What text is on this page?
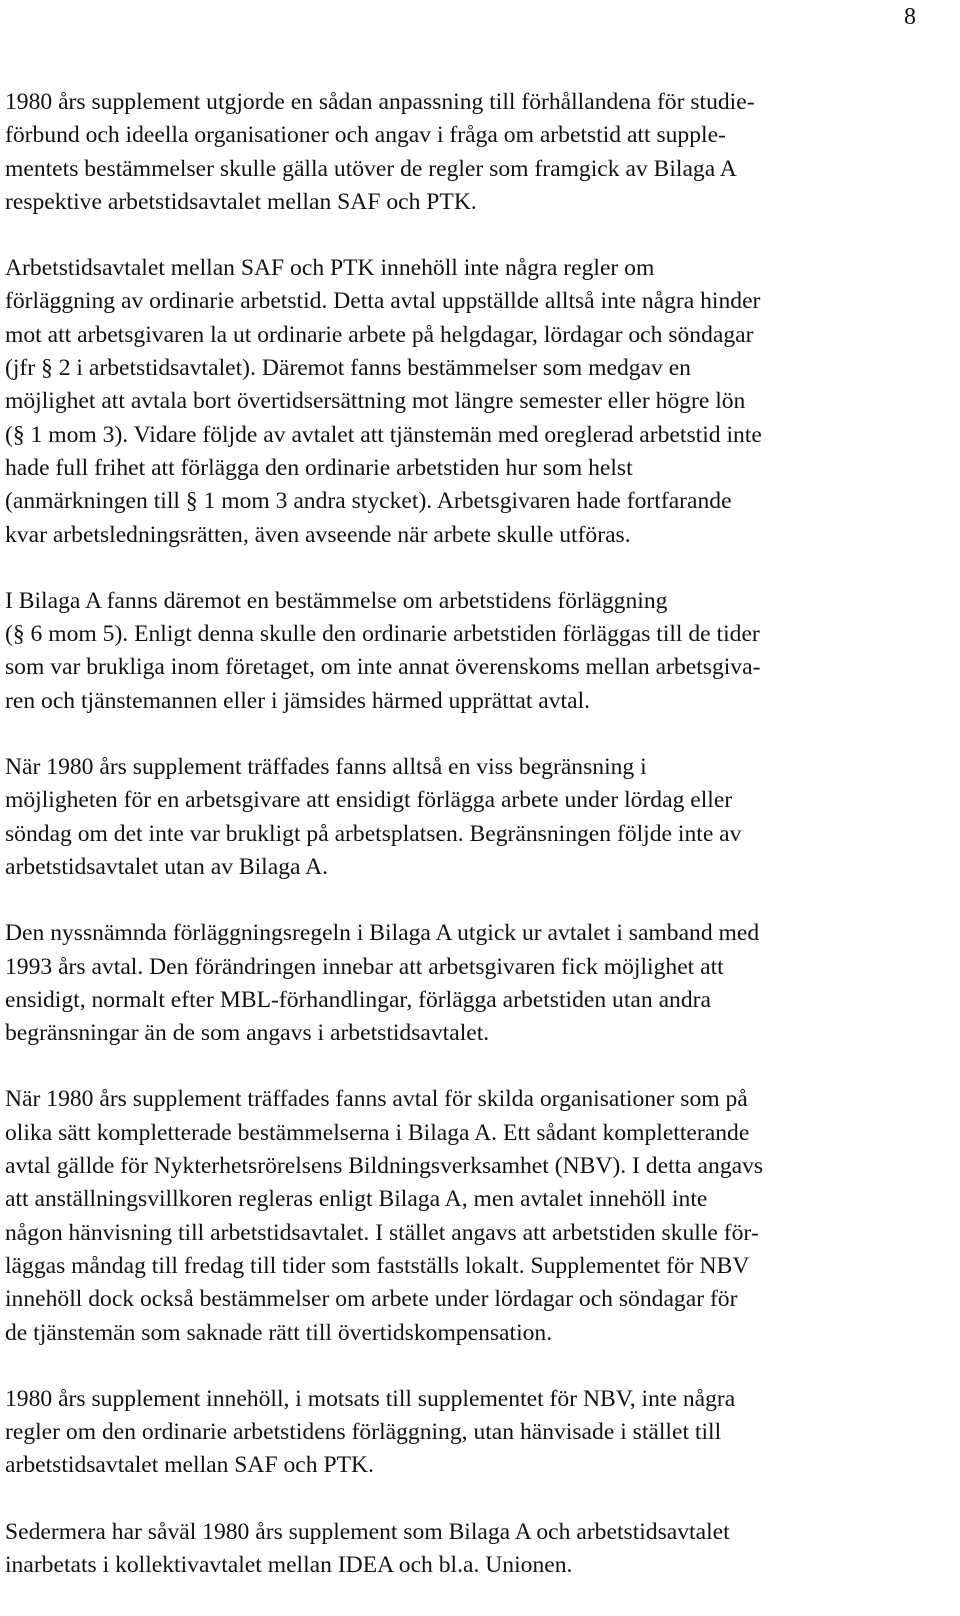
8

1980 års supplement utgjorde en sådan anpassning till förhållandena för studie-
förbund och ideella organisationer och angav i fråga om arbetstid att supple-
mentets bestämmelser skulle gälla utöver de regler som framgick av Bilaga A
respektive arbetstidsavtalet mellan SAF och PTK.

Arbetstidsavtalet mellan SAF och PTK innehöll inte några regler om
förläggning av ordinarie arbetstid. Detta avtal uppställde alltså inte några hinder
mot att arbetsgivaren la ut ordinarie arbete på helgdagar, lördagar och söndagar
(jfr § 2 i arbetstidsavtalet). Däremot fanns bestämmelser som medgav en
möjlighet att avtala bort övertidsersättning mot längre semester eller högre lön
(§ 1 mom 3). Vidare följde av avtalet att tjänstemän med oreglerad arbetstid inte
hade full frihet att förlägga den ordinarie arbetstiden hur som helst
(anmärkningen till § 1 mom 3 andra stycket). Arbetsgivaren hade fortfarande
kvar arbetsledningsrätten, även avseende när arbete skulle utföras.

I Bilaga A fanns däremot en bestämmelse om arbetstidens förläggning
(§ 6 mom 5). Enligt denna skulle den ordinarie arbetstiden förläggas till de tider
som var brukliga inom företaget, om inte annat överenskoms mellan arbetsgiva-
ren och tjänstemannen eller i jämsides härmed upprättat avtal.

När 1980 års supplement träffades fanns alltså en viss begränsning i
möjligheten för en arbetsgivare att ensidigt förlägga arbete under lördag eller
söndag om det inte var brukligt på arbetsplatsen. Begränsningen följde inte av
arbetstidsavtalet utan av Bilaga A.

Den nyssnämnda förläggningsregeln i Bilaga A utgick ur avtalet i samband med
1993 års avtal. Den förändringen innebar att arbetsgivaren fick möjlighet att
ensidigt, normalt efter MBL-förhandlingar, förlägga arbetstiden utan andra
begränsningar än de som angavs i arbetstidsavtalet.

När 1980 års supplement träffades fanns avtal för skilda organisationer som på
olika sätt kompletterade bestämmelserna i Bilaga A. Ett sådant kompletterande
avtal gällde för Nykterhetsrörelsens Bildningsverksamhet (NBV). I detta angavs
att anställningsvillkoren regleras enligt Bilaga A, men avtalet innehöll inte
någon hänvisning till arbetstidsavtalet. I stället angavs att arbetstiden skulle för-
läggas måndag till fredag till tider som fastställs lokalt. Supplementet för NBV
innehöll dock också bestämmelser om arbete under lördagar och söndagar för
de tjänstemän som saknade rätt till övertidskompensation.

1980 års supplement innehöll, i motsats till supplementet för NBV, inte några
regler om den ordinarie arbetstidens förläggning, utan hänvisade i stället till
arbetstidsavtalet mellan SAF och PTK.

Sedermera har såväl 1980 års supplement som Bilaga A och arbetstidsavtalet
inarbetats i kollektivavtalet mellan IDEA och bl.a. Unionen.
